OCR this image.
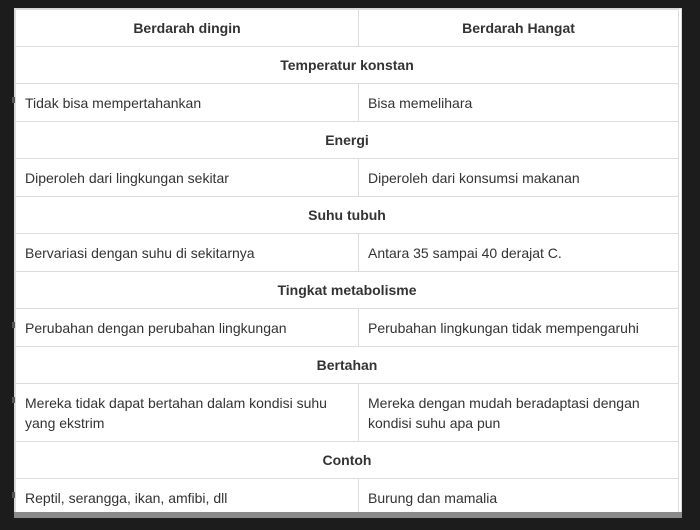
Berdarah dingin	Berdarah Hangat
Temperatur konstan	
Tidak bisa mempertahankan	Bisa memelihara
Energi	
Diperoleh dari lingkungan sekitar	Diperoleh dari konsumsi makanan
Suhu tubuh	
Bervariasi dengan suhu di sekitarnya	Antara 35 sampai 40 derajat C.
Tingkat metabolisme	
Perubahan dengan perubahan lingkungan	Perubahan lingkungan tidak mempengaruhi
Bertahan	
Mereka tidak dapat bertahan dalam kondisi suhu yang ekstrim	Mereka dengan mudah beradaptasi dengan kondisi suhu apa pun
Contoh	
Reptil, serangga, ikan, amfibi, dll	Burung dan mamalia
